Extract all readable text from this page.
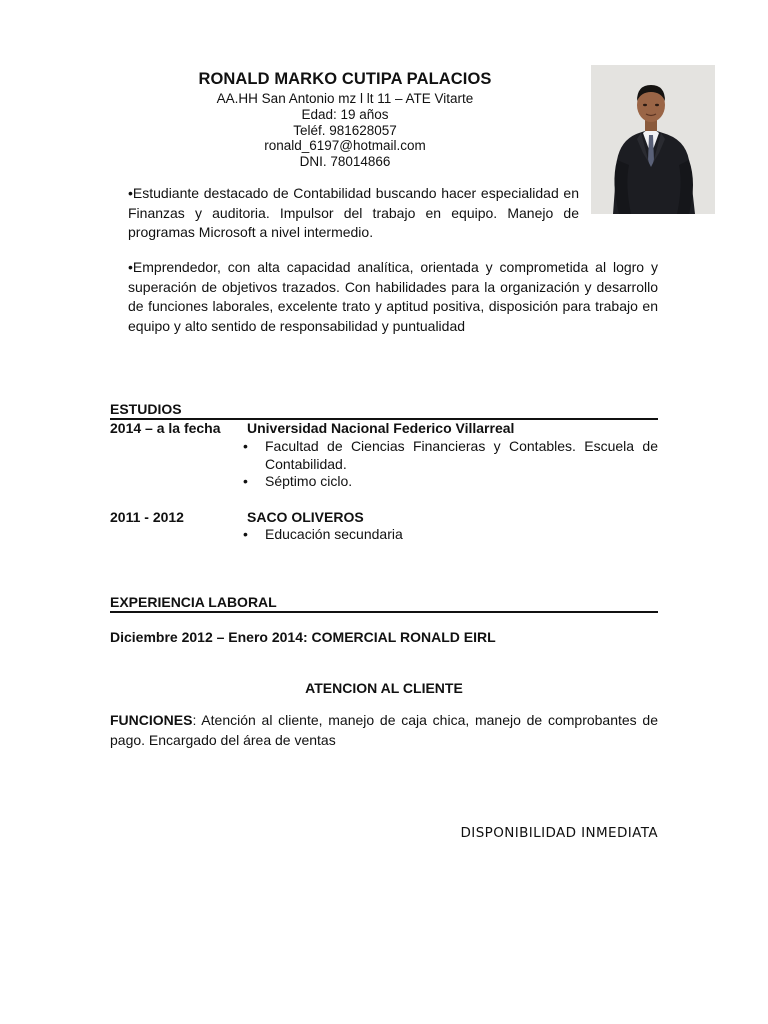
RONALD MARKO CUTIPA PALACIOS
AA.HH San Antonio mz l lt 11 – ATE Vitarte
Edad: 19 años
Teléf. 981628057
ronald_6197@hotmail.com
DNI. 78014866

•Estudiante destacado de Contabilidad buscando hacer especialidad en Finanzas y auditoria. Impulsor del trabajo en equipo. Manejo de programas Microsoft a nivel intermedio.

•Emprendedor, con alta capacidad analítica, orientada y comprometida al logro y superación de objetivos trazados. Con habilidades para la organización y desarrollo de funciones laborales, excelente trato y aptitud positiva, disposición para trabajo en equipo y alto sentido de responsabilidad y puntualidad

ESTUDIOS
2014 – a la fecha Universidad Nacional Federico Villarreal
• Facultad de Ciencias Financieras y Contables. Escuela de Contabilidad.
• Séptimo ciclo.
2011 - 2012	SACO OLIVEROS
• Educación secundaria
EXPERIENCIA LABORAL
Diciembre 2012 – Enero 2014: COMERCIAL RONALD EIRL
ATENCION AL CLIENTE

FUNCIONES: Atención al cliente, manejo de caja chica, manejo de comprobantes de pago. Encargado del área de ventas

DISPONIBILIDAD INMEDIATA
